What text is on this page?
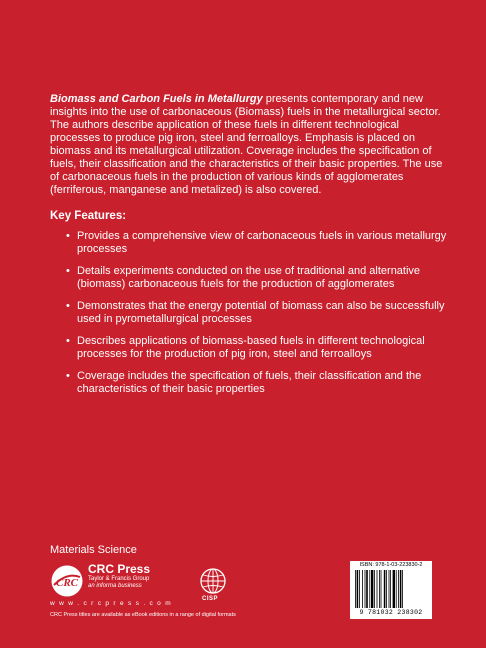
Biomass and Carbon Fuels in Metallurgy presents contemporary and new insights into the use of carbonaceous (Biomass) fuels in the metallurgical sector. The authors describe application of these fuels in different technological processes to produce pig iron, steel and ferroalloys. Emphasis is placed on biomass and its metallurgical utilization. Coverage includes the specification of fuels, their classification and the characteristics of their basic properties. The use of carbonaceous fuels in the production of various kinds of agglomerates (ferriferous, manganese and metalized) is also covered.
Key Features:
• Provides a comprehensive view of carbonaceous fuels in various metallurgy processes
• Details experiments conducted on the use of traditional and alternative (biomass) carbonaceous fuels for the production of agglomerates
• Demonstrates that the energy potential of biomass can also be successfully used in pyrometallurgical processes
• Describes applications of biomass-based fuels in different technological processes for the production of pig iron, steel and ferroalloys
• Coverage includes the specification of fuels, their classification and the characteristics of their basic properties
Materials Science
CRC
CRC Press
Taylor & Francis Group
an informa business
w w w . c r c p r e s s . c o m
CRC Press titles are available as eBook editions in a range of digital formats
CISP
ISBN: 978-1-03-223830-2
9 781032 238302
